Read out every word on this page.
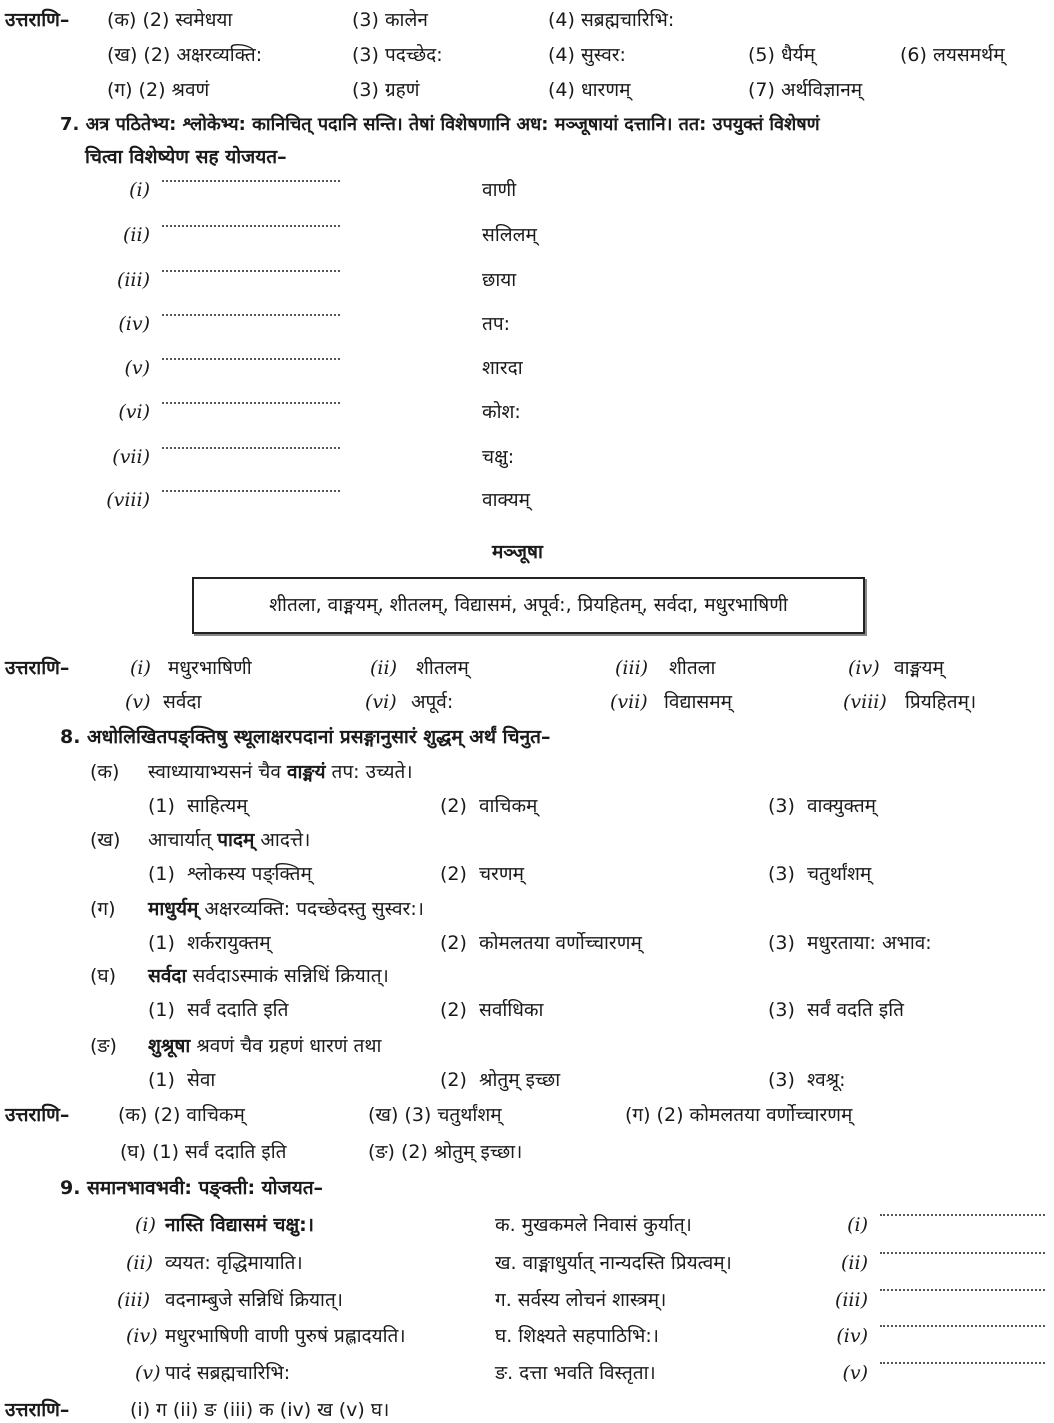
उत्तराणि– (क) (2) स्वमेधया	(3) कालेन	(4) सब्रह्मचारिभि:
(ख) (2) अक्षरव्यक्ति:	(3) पदच्छेद:	(4) सुस्वर:	(5) धैर्यम्	(6) लयसमर्थम्
(ग) (2) श्रवणं	(3) ग्रहणं	(4) धारणम्	(7) अर्थविज्ञानम्
7. अत्र पठितेभ्य: श्लोकेभ्य: कानिचित् पदानि सन्ति। तेषां विशेषणानि अध: मञ्जूषायां दत्तानि। तत: उपयुक्तं विशेषणं
चित्वा विशेष्येण सह योजयत–
(i)	वाणी
(ii)	सलिलम्
(iii)	छाया
(iv)	तप:
(v)	शारदा
(vi)	कोश:
(vii)	चक्षु:
(viii)	वाक्यम्
मञ्जूषा
शीतला, वाङ्मयम्, शीतलम्, विद्यासमं, अपूर्व:, प्रियहितम्, सर्वदा, मधुरभाषिणी
उत्तराणि–	(i) मधुरभाषिणी	(ii) शीतलम्	(iii) शीतला	(iv) वाङ्मयम्
(v) सर्वदा	(vi) अपूर्व:	(vii) विद्यासमम्	(viii) प्रियहितम्।
8. अधोलिखितपङ्क्तिषु स्थूलाक्षरपदानां प्रसङ्गानुसारं शुद्धम् अर्थं चिनुत–
(क) स्वाध्यायाभ्यसनं चैव वाङ्मयं तप: उच्यते।
(1)  साहित्यम्	(2)  वाचिकम्	(3)  वाक्युक्तम्
(ख) आचार्यात् पादम् आदत्ते।
(1)  श्लोकस्य पङ्क्तिम्	(2)  चरणम्	(3)  चतुर्थांशम्
(ग) माधुर्यम् अक्षरव्यक्ति: पदच्छेदस्तु सुस्वर:।
(1)  शर्करायुक्तम्	(2)  कोमलतया वर्णोच्चारणम्	(3)  मधुरताया: अभाव:
(घ) सर्वदा सर्वदाऽस्माकं सन्निधिं क्रियात्।
(1)  सर्वं ददाति इति	(2)  सर्वाधिका	(3)  सर्वं वदति इति
(ङ) शुश्रूषा श्रवणं चैव ग्रहणं धारणं तथा
(1)  सेवा	(2)  श्रोतुम् इच्छा	(3)  श्वश्रू:
उत्तराणि–	(क) (2) वाचिकम्	(ख) (3) चतुर्थांशम्	(ग) (2) कोमलतया वर्णोच्चारणम्
(घ) (1) सर्वं ददाति इति	(ङ) (2) श्रोतुम् इच्छा।
9. समानभावभवी: पङ्क्ती: योजयत–
(i) नास्ति विद्यासमं चक्षु:।	क. मुखकमले निवासं कुर्यात्।	(i)
(ii) व्ययत: वृद्धिमायाति।	ख. वाङ्माधुर्यात् नान्यदस्ति प्रियत्वम्।	(ii)
(iii) वदनाम्बुजे सन्निधिं क्रियात्।	ग. सर्वस्य लोचनं शास्त्रम्।	(iii)
(iv) मधुरभाषिणी वाणी पुरुषं प्रह्लादयति।	घ. शिक्ष्यते सहपाठिभि:।	(iv)
(v) पादं सब्रह्मचारिभि:	ङ. दत्ता भवति विस्तृता।	(v)
उत्तराणि–	(i) ग (ii) ङ (iii) क (iv) ख (v) घ।
